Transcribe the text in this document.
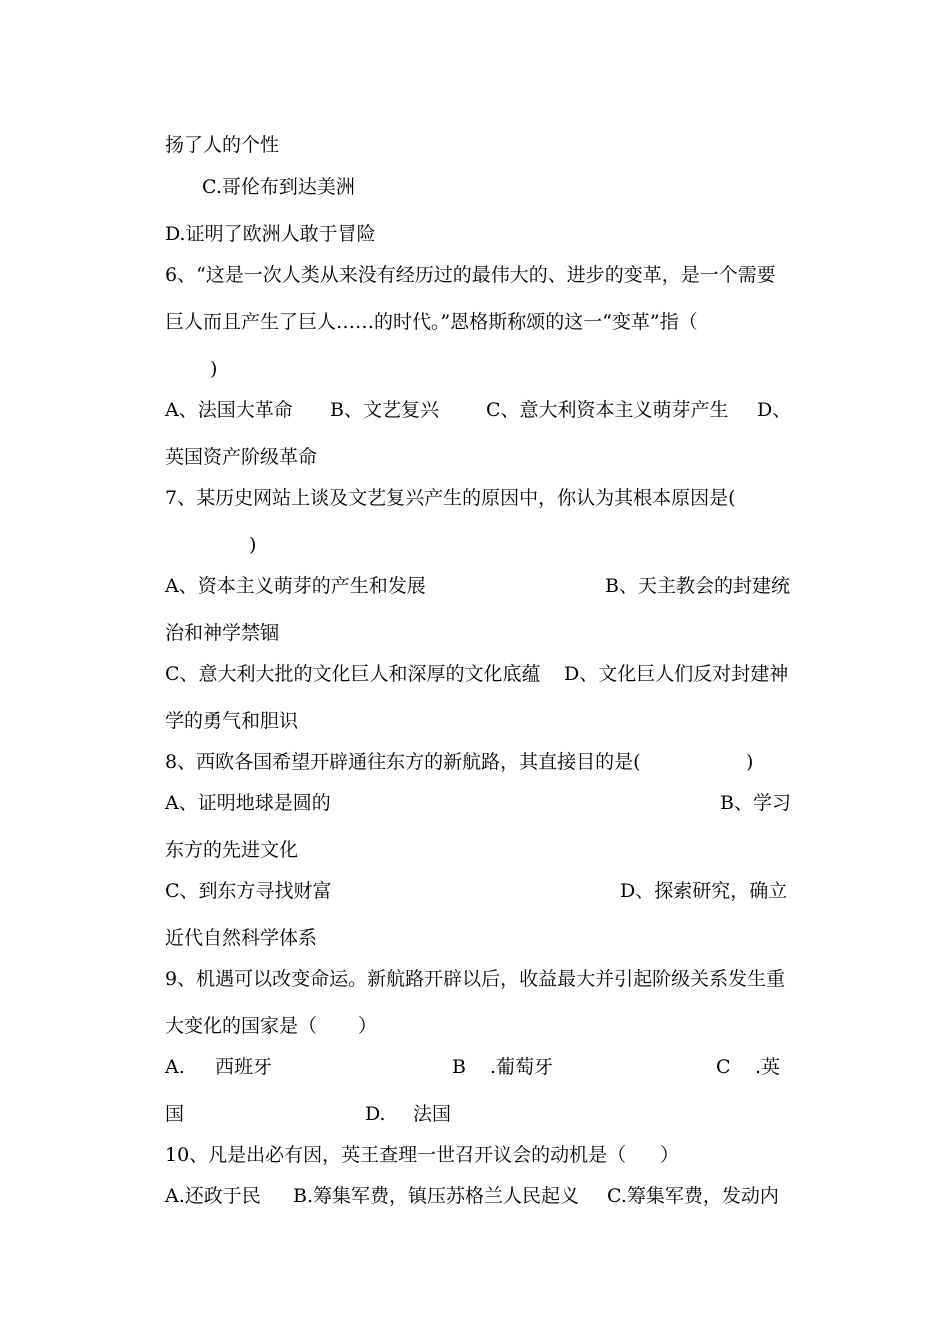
扬了人的个性
C.哥伦布到达美洲
D.证明了欧洲人敢于冒险
6、“这是一次人类从来没有经历过的最伟大的、进步的变革，是一个需要
巨人而且产生了巨人……的时代。”恩格斯称颂的这一“变革”指（
)
A、法国大革命 B、文艺复兴 C、意大利资本主义萌芽产生 D、
英国资产阶级革命
7、某历史网站上谈及文艺复兴产生的原因中，你认为其根本原因是(
)
A、资本主义萌芽的产生和发展	B、天主教会的封建统
治和神学禁锢
C、意大利大批的文化巨人和深厚的文化底蕴 D、文化巨人们反对封建神
学的勇气和胆识
8、西欧各国希望开辟通往东方的新航路，其直接目的是(	)
A、证明地球是圆的	B、学习
东方的先进文化
C、到东方寻找财富	D、探索研究，确立
近代自然科学体系
9、机遇可以改变命运。新航路开辟以后，收益最大并引起阶级关系发生重
大变化的国家是（ ）
A. 西班牙	B .葡萄牙	C .英
国	D. 法国
10、凡是出必有因，英王查理一世召开议会的动机是（ ）
A.还政于民 B.筹集军费，镇压苏格兰人民起义 C.筹集军费，发动内
